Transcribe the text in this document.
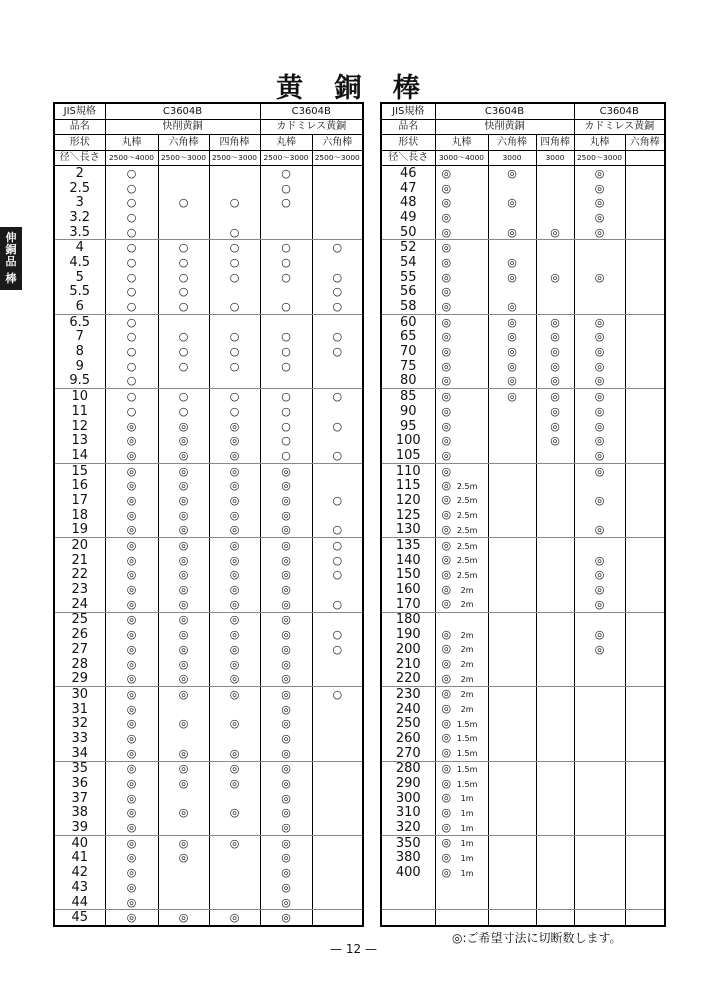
黄 銅 棒
伸
銅
品
棒
JIS規格	C3604B			C3604B	
品名	快削黄銅			カドミレス黄銅	
形状	丸棒	六角棒	四角棒	丸棒	六角棒
径＼長さ	2500～4000	2500～3000	2500～3000	2500～3000	2500～3000
2	○			○	
2.5	○			○	
3	○	○	○	○	
3.2	○				
3.5	○		○		
4	○	○	○	○	○
4.5	○	○	○	○	
5	○	○	○	○	○
5.5	○	○			○
6	○	○	○	○	○
6.5	○				
7	○	○	○	○	○
8	○	○	○	○	○
9	○	○	○	○	
9.5	○				
10	○	○	○	○	○
11	○	○	○	○	
12	◎	◎	◎	○	○
13	◎	◎	◎	○	
14	◎	◎	◎	○	○
15	◎	◎	◎	◎	
16	◎	◎	◎	◎	
17	◎	◎	◎	◎	○
18	◎	◎	◎	◎	
19	◎	◎	◎	◎	○
20	◎	◎	◎	◎	○
21	◎	◎	◎	◎	○
22	◎	◎	◎	◎	○
23	◎	◎	◎	◎	
24	◎	◎	◎	◎	○
25	◎	◎	◎	◎	
26	◎	◎	◎	◎	○
27	◎	◎	◎	◎	○
28	◎	◎	◎	◎	
29	◎	◎	◎	◎	
30	◎	◎	◎	◎	○
31	◎			◎	
32	◎	◎	◎	◎	
33	◎			◎	
34	◎	◎	◎	◎	
35	◎	◎	◎	◎	
36	◎	◎	◎	◎	
37	◎			◎	
38	◎	◎	◎	◎	
39	◎			◎	
40	◎	◎	◎	◎	
41	◎	◎		◎	
42	◎			◎	
43	◎			◎	
44	◎			◎	
45	◎	◎	◎	◎	
JIS規格	C3604B			C3604B	
品名	快削黄銅			カドミレス黄銅	
形状	丸棒	六角棒	四角棒	丸棒	六角棒
径＼長さ	3000～4000	3000	3000	2500～3000	
46	◎	◎		◎	
47	◎			◎	
48	◎	◎		◎	
49	◎			◎	
50	◎	◎	◎	◎	
52	◎				
54	◎	◎			
55	◎	◎	◎	◎	
56	◎				
58	◎	◎			
60	◎	◎	◎	◎	
65	◎	◎	◎	◎	
70	◎	◎	◎	◎	
75	◎	◎	◎	◎	
80	◎	◎	◎	◎	
85	◎	◎	◎	◎	
90	◎		◎	◎	
95	◎		◎	◎	
100	◎		◎	◎	
105	◎			◎	
110	◎			◎	
115	◎ 2.5m				
120	◎ 2.5m			◎	
125	◎ 2.5m				
130	◎ 2.5m			◎	
135	◎ 2.5m				
140	◎ 2.5m			◎	
150	◎ 2.5m			◎	
160	◎ 2m			◎	
170	◎ 2m			◎	
180					
190	◎ 2m			◎	
200	◎ 2m			◎	
210	◎ 2m				
220	◎ 2m				
230	◎ 2m				
240	◎ 2m				
250	◎ 1.5m				
260	◎ 1.5m				
270	◎ 1.5m				
280	◎ 1.5m				
290	◎ 1.5m				
300	◎ 1m				
310	◎ 1m				
320	◎ 1m				
350	◎ 1m				
380	◎ 1m				
400	◎ 1m				

◎:ご希望寸法に切断数します。
— 12 —
